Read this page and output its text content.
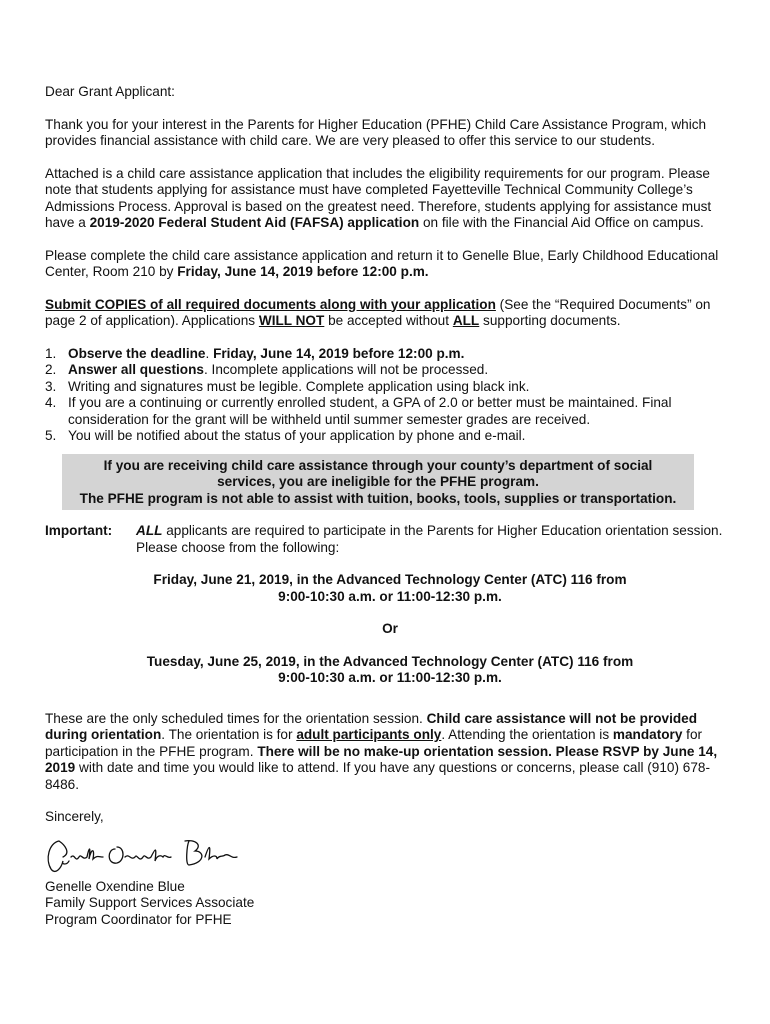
Dear Grant Applicant:

Thank you for your interest in the Parents for Higher Education (PFHE) Child Care Assistance Program, which provides financial assistance with child care. We are very pleased to offer this service to our students.

Attached is a child care assistance application that includes the eligibility requirements for our program. Please note that students applying for assistance must have completed Fayetteville Technical Community College’s Admissions Process. Approval is based on the greatest need. Therefore, students applying for assistance must have a 2019-2020 Federal Student Aid (FAFSA) application on file with the Financial Aid Office on campus.

Please complete the child care assistance application and return it to Genelle Blue, Early Childhood Educational Center, Room 210 by Friday, June 14, 2019 before 12:00 p.m.

Submit COPIES of all required documents along with your application (See the “Required Documents” on page 2 of application). Applications WILL NOT be accepted without ALL supporting documents.

1. Observe the deadline. Friday, June 14, 2019 before 12:00 p.m.
2. Answer all questions. Incomplete applications will not be processed.
3. Writing and signatures must be legible. Complete application using black ink.
4. If you are a continuing or currently enrolled student, a GPA of 2.0 or better must be maintained. Final consideration for the grant will be withheld until summer semester grades are received.
5. You will be notified about the status of your application by phone and e-mail.
If you are receiving child care assistance through your county’s department of social services, you are ineligible for the PFHE program.
The PFHE program is not able to assist with tuition, books, tools, supplies or transportation.
Important:	ALL applicants are required to participate in the Parents for Higher Education orientation session. Please choose from the following:
Friday, June 21, 2019, in the Advanced Technology Center (ATC) 116 from
9:00-10:30 a.m. or 11:00-12:30 p.m.
Or
Tuesday, June 25, 2019, in the Advanced Technology Center (ATC) 116 from
9:00-10:30 a.m. or 11:00-12:30 p.m.

These are the only scheduled times for the orientation session. Child care assistance will not be provided during orientation. The orientation is for adult participants only. Attending the orientation is mandatory for participation in the PFHE program. There will be no make-up orientation session. Please RSVP by June 14, 2019 with date and time you would like to attend. If you have any questions or concerns, please call (910) 678-8486.

Sincerely,

Genelle Oxendine Blue

Family Support Services Associate

Program Coordinator for PFHE
